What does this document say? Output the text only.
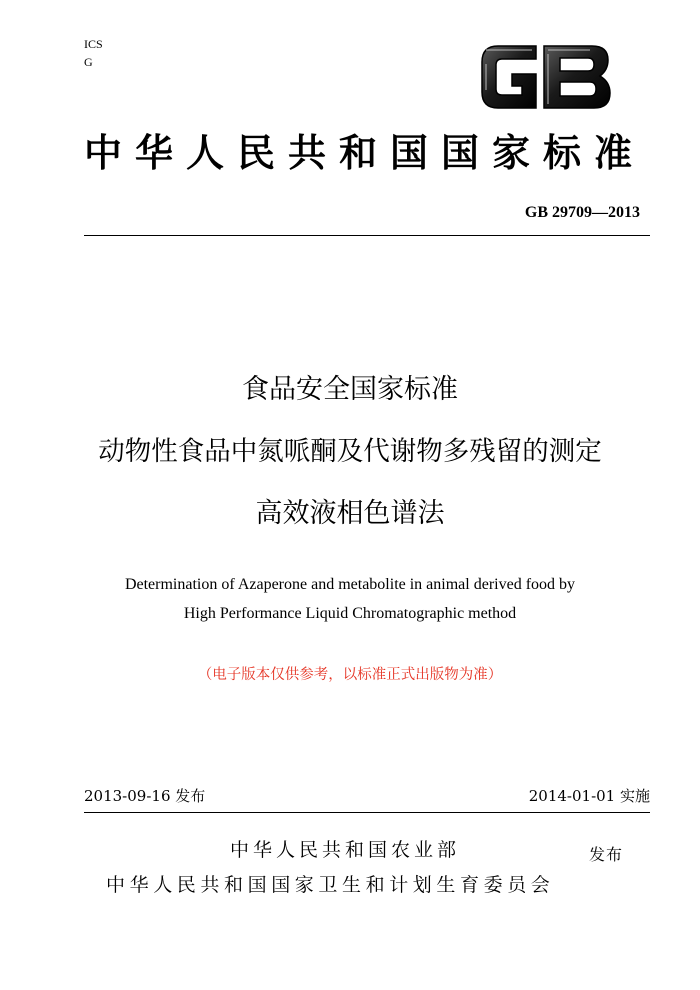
ICS
G
中华人民共和国国家标准
GB 29709—2013
食品安全国家标准
动物性食品中氮哌酮及代谢物多残留的测定
高效液相色谱法
Determination of Azaperone and metabolite in animal derived food by
High Performance Liquid Chromatographic method
（电子版本仅供参考，以标准正式出版物为准）
2013-09-16 发布	2014-01-01 实施
中华人民共和国农业部	发布
中华人民共和国国家卫生和计划生育委员会
